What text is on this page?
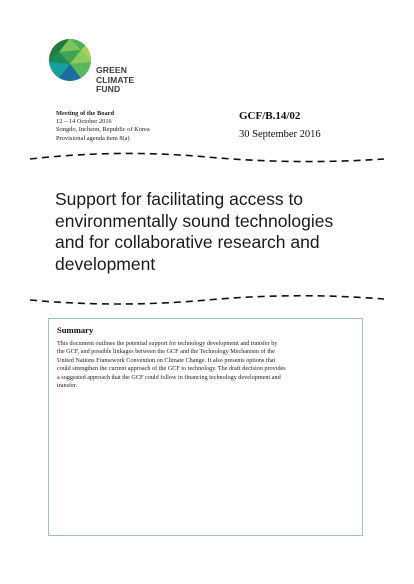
GREEN
CLIMATE
FUND
Meeting of the Board
12 – 14 October 2016
Songdo, Incheon, Republic of Korea
Provisional agenda item 8(a)
GCF/B.14/02
30 September 2016
Support for facilitating access to
environmentally sound technologies
and for collaborative research and
development
Summary
This document outlines the potential support for technology development and transfer by
the GCF, and possible linkages between the GCF and the Technology Mechanism of the
United Nations Framework Convention on Climate Change. It also presents options that
could strengthen the current approach of the GCF to technology. The draft decision provides
a suggested approach that the GCF could follow in financing technology development and
transfer.
